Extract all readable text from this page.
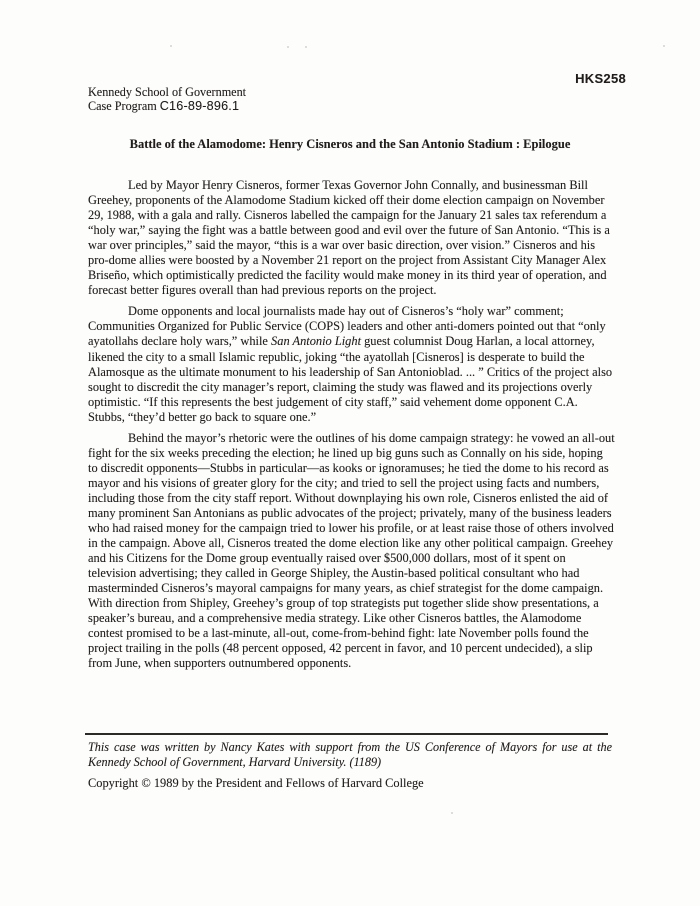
HKS258
Kennedy School of Government
Case Program C16-89-896.1
Battle of the Alamodome: Henry Cisneros and the San Antonio Stadium : Epilogue

Led by Mayor Henry Cisneros, former Texas Governor John Connally, and businessman Bill Greehey, proponents of the Alamodome Stadium kicked off their dome election campaign on November 29, 1988, with a gala and rally. Cisneros labelled the campaign for the January 21 sales tax referendum a “holy war,” saying the fight was a battle between good and evil over the future of San Antonio. “This is a war over principles,” said the mayor, “this is a war over basic direction, over vision.” Cisneros and his pro-dome allies were boosted by a November 21 report on the project from Assistant City Manager Alex Briseño, which optimistically predicted the facility would make money in its third year of operation, and forecast better figures overall than had previous reports on the project.

Dome opponents and local journalists made hay out of Cisneros’s “holy war” comment; Communities Organized for Public Service (COPS) leaders and other anti-domers pointed out that “only ayatollahs declare holy wars,” while San Antonio Light guest columnist Doug Harlan, a local attorney, likened the city to a small Islamic republic, joking “the ayatollah [Cisneros] is desperate to build the Alamosque as the ultimate monument to his leadership of San Antonioblad. ... ” Critics of the project also sought to discredit the city manager’s report, claiming the study was flawed and its projections overly optimistic. “If this represents the best judgement of city staff,” said vehement dome opponent C.A. Stubbs, “they’d better go back to square one.”

Behind the mayor’s rhetoric were the outlines of his dome campaign strategy: he vowed an all-out fight for the six weeks preceding the election; he lined up big guns such as Connally on his side, hoping to discredit opponents—Stubbs in particular—as kooks or ignoramuses; he tied the dome to his record as mayor and his visions of greater glory for the city; and tried to sell the project using facts and numbers, including those from the city staff report. Without downplaying his own role, Cisneros enlisted the aid of many prominent San Antonians as public advocates of the project; privately, many of the business leaders who had raised money for the campaign tried to lower his profile, or at least raise those of others involved in the campaign. Above all, Cisneros treated the dome election like any other political campaign. Greehey and his Citizens for the Dome group eventually raised over $500,000 dollars, most of it spent on television advertising; they called in George Shipley, the Austin-based political consultant who had masterminded Cisneros’s mayoral campaigns for many years, as chief strategist for the dome campaign. With direction from Shipley, Greehey’s group of top strategists put together slide show presentations, a speaker’s bureau, and a comprehensive media strategy. Like other Cisneros battles, the Alamodome contest promised to be a last-minute, all-out, come-from-behind fight: late November polls found the project trailing in the polls (48 percent opposed, 42 percent in favor, and 10 percent undecided), a slip from June, when supporters outnumbered opponents.

This case was written by Nancy Kates with support from the US Conference of Mayors for use at the Kennedy School of Government, Harvard University. (1189)

Copyright © 1989 by the President and Fellows of Harvard College
